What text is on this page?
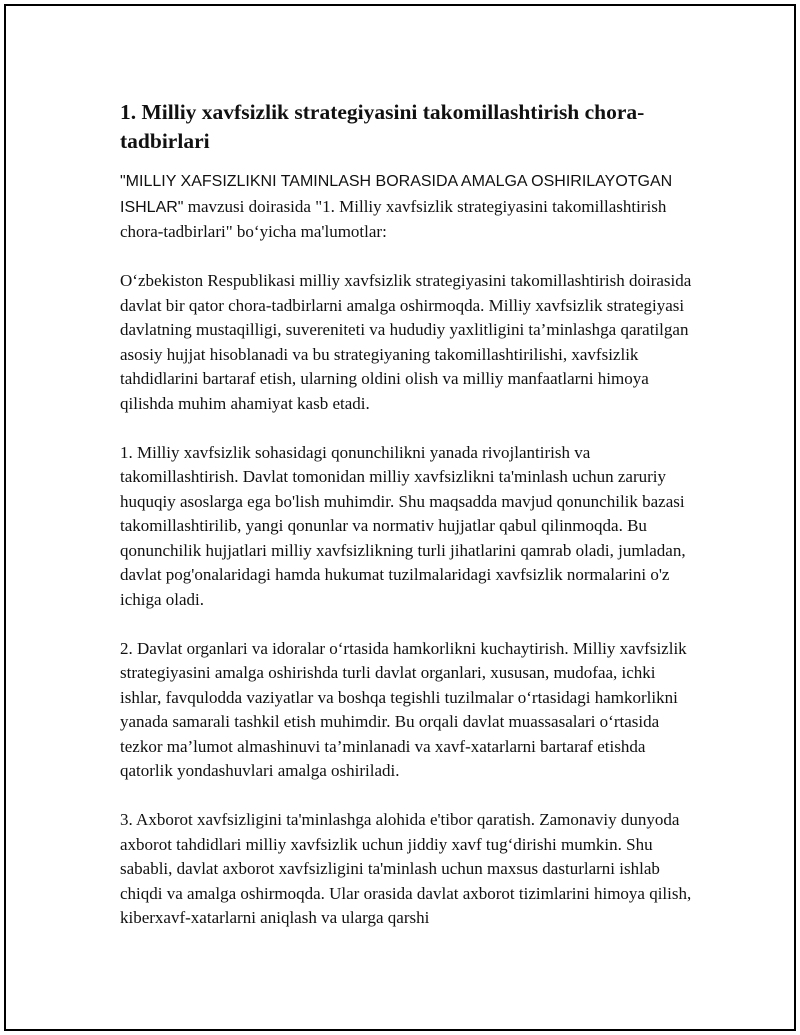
1. Milliy xavfsizlik strategiyasini takomillashtirish chora-tadbirlari

"MILLIY XAFSIZLIKNI TAMINLASH BORASIDA AMALGA OSHIRILAYOTGAN ISHLAR" mavzusi doirasida "1. Milliy xavfsizlik strategiyasini takomillashtirish chora-tadbirlari" bo‘yicha ma'lumotlar:

O‘zbekiston Respublikasi milliy xavfsizlik strategiyasini takomillashtirish doirasida davlat bir qator chora-tadbirlarni amalga oshirmoqda. Milliy xavfsizlik strategiyasi davlatning mustaqilligi, suvereniteti va hududiy yaxlitligini ta’minlashga qaratilgan asosiy hujjat hisoblanadi va bu strategiyaning takomillashtirilishi, xavfsizlik tahdidlarini bartaraf etish, ularning oldini olish va milliy manfaatlarni himoya qilishda muhim ahamiyat kasb etadi.

1. Milliy xavfsizlik sohasidagi qonunchilikni yanada rivojlantirish va takomillashtirish. Davlat tomonidan milliy xavfsizlikni ta'minlash uchun zaruriy huquqiy asoslarga ega bo'lish muhimdir. Shu maqsadda mavjud qonunchilik bazasi takomillashtirilib, yangi qonunlar va normativ hujjatlar qabul qilinmoqda. Bu qonunchilik hujjatlari milliy xavfsizlikning turli jihatlarini qamrab oladi, jumladan, davlat pog'onalaridagi hamda hukumat tuzilmalaridagi xavfsizlik normalarini o'z ichiga oladi.

2. Davlat organlari va idoralar o‘rtasida hamkorlikni kuchaytirish. Milliy xavfsizlik strategiyasini amalga oshirishda turli davlat organlari, xususan, mudofaa, ichki ishlar, favqulodda vaziyatlar va boshqa tegishli tuzilmalar o‘rtasidagi hamkorlikni yanada samarali tashkil etish muhimdir. Bu orqali davlat muassasalari o‘rtasida tezkor ma’lumot almashinuvi ta’minlanadi va xavf-xatarlarni bartaraf etishda qatorlik yondashuvlari amalga oshiriladi.

3. Axborot xavfsizligini ta'minlashga alohida e'tibor qaratish. Zamonaviy dunyoda axborot tahdidlari milliy xavfsizlik uchun jiddiy xavf tug‘dirishi mumkin. Shu sababli, davlat axborot xavfsizligini ta'minlash uchun maxsus dasturlarni ishlab chiqdi va amalga oshirmoqda. Ular orasida davlat axborot tizimlarini himoya qilish, kiberxavf-xatarlarni aniqlash va ularga qarshi
